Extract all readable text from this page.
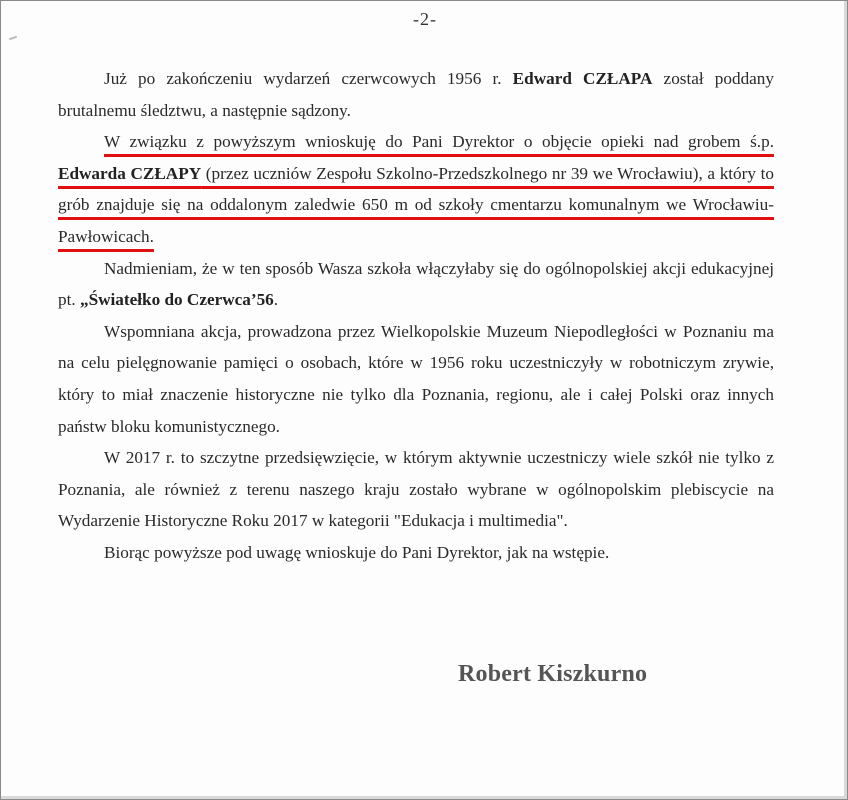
-2-

Już po zakończeniu wydarzeń czerwcowych 1956 r. Edward CZŁAPA został poddany brutalnemu śledztwu, a następnie sądzony.

W związku z powyższym wnioskuję do Pani Dyrektor o objęcie opieki nad grobem ś.p. Edwarda CZŁAPY (przez uczniów Zespołu Szkolno-Przedszkolnego nr 39 we Wrocławiu), a który to grób znajduje się na oddalonym zaledwie 650 m od szkoły cmentarzu komunalnym we Wrocławiu-Pawłowicach.

Nadmieniam, że w ten sposób Wasza szkoła włączyłaby się do ogólnopolskiej akcji edukacyjnej pt. „Światełko do Czerwca’56.

Wspomniana akcja, prowadzona przez Wielkopolskie Muzeum Niepodległości w Poznaniu ma na celu pielęgnowanie pamięci o osobach, które w 1956 roku uczestniczyły w robotniczym zrywie, który to miał znaczenie historyczne nie tylko dla Poznania, regionu, ale i całej Polski oraz innych państw bloku komunistycznego.

W 2017 r. to szczytne przedsięwzięcie, w którym aktywnie uczestniczy wiele szkół nie tylko z Poznania, ale również z terenu naszego kraju zostało wybrane w ogólnopolskim plebiscycie na Wydarzenie Historyczne Roku 2017 w kategorii "Edukacja i multimedia".

Biorąc powyższe pod uwagę wnioskuje do Pani Dyrektor, jak na wstępie.

Robert Kiszkurno
